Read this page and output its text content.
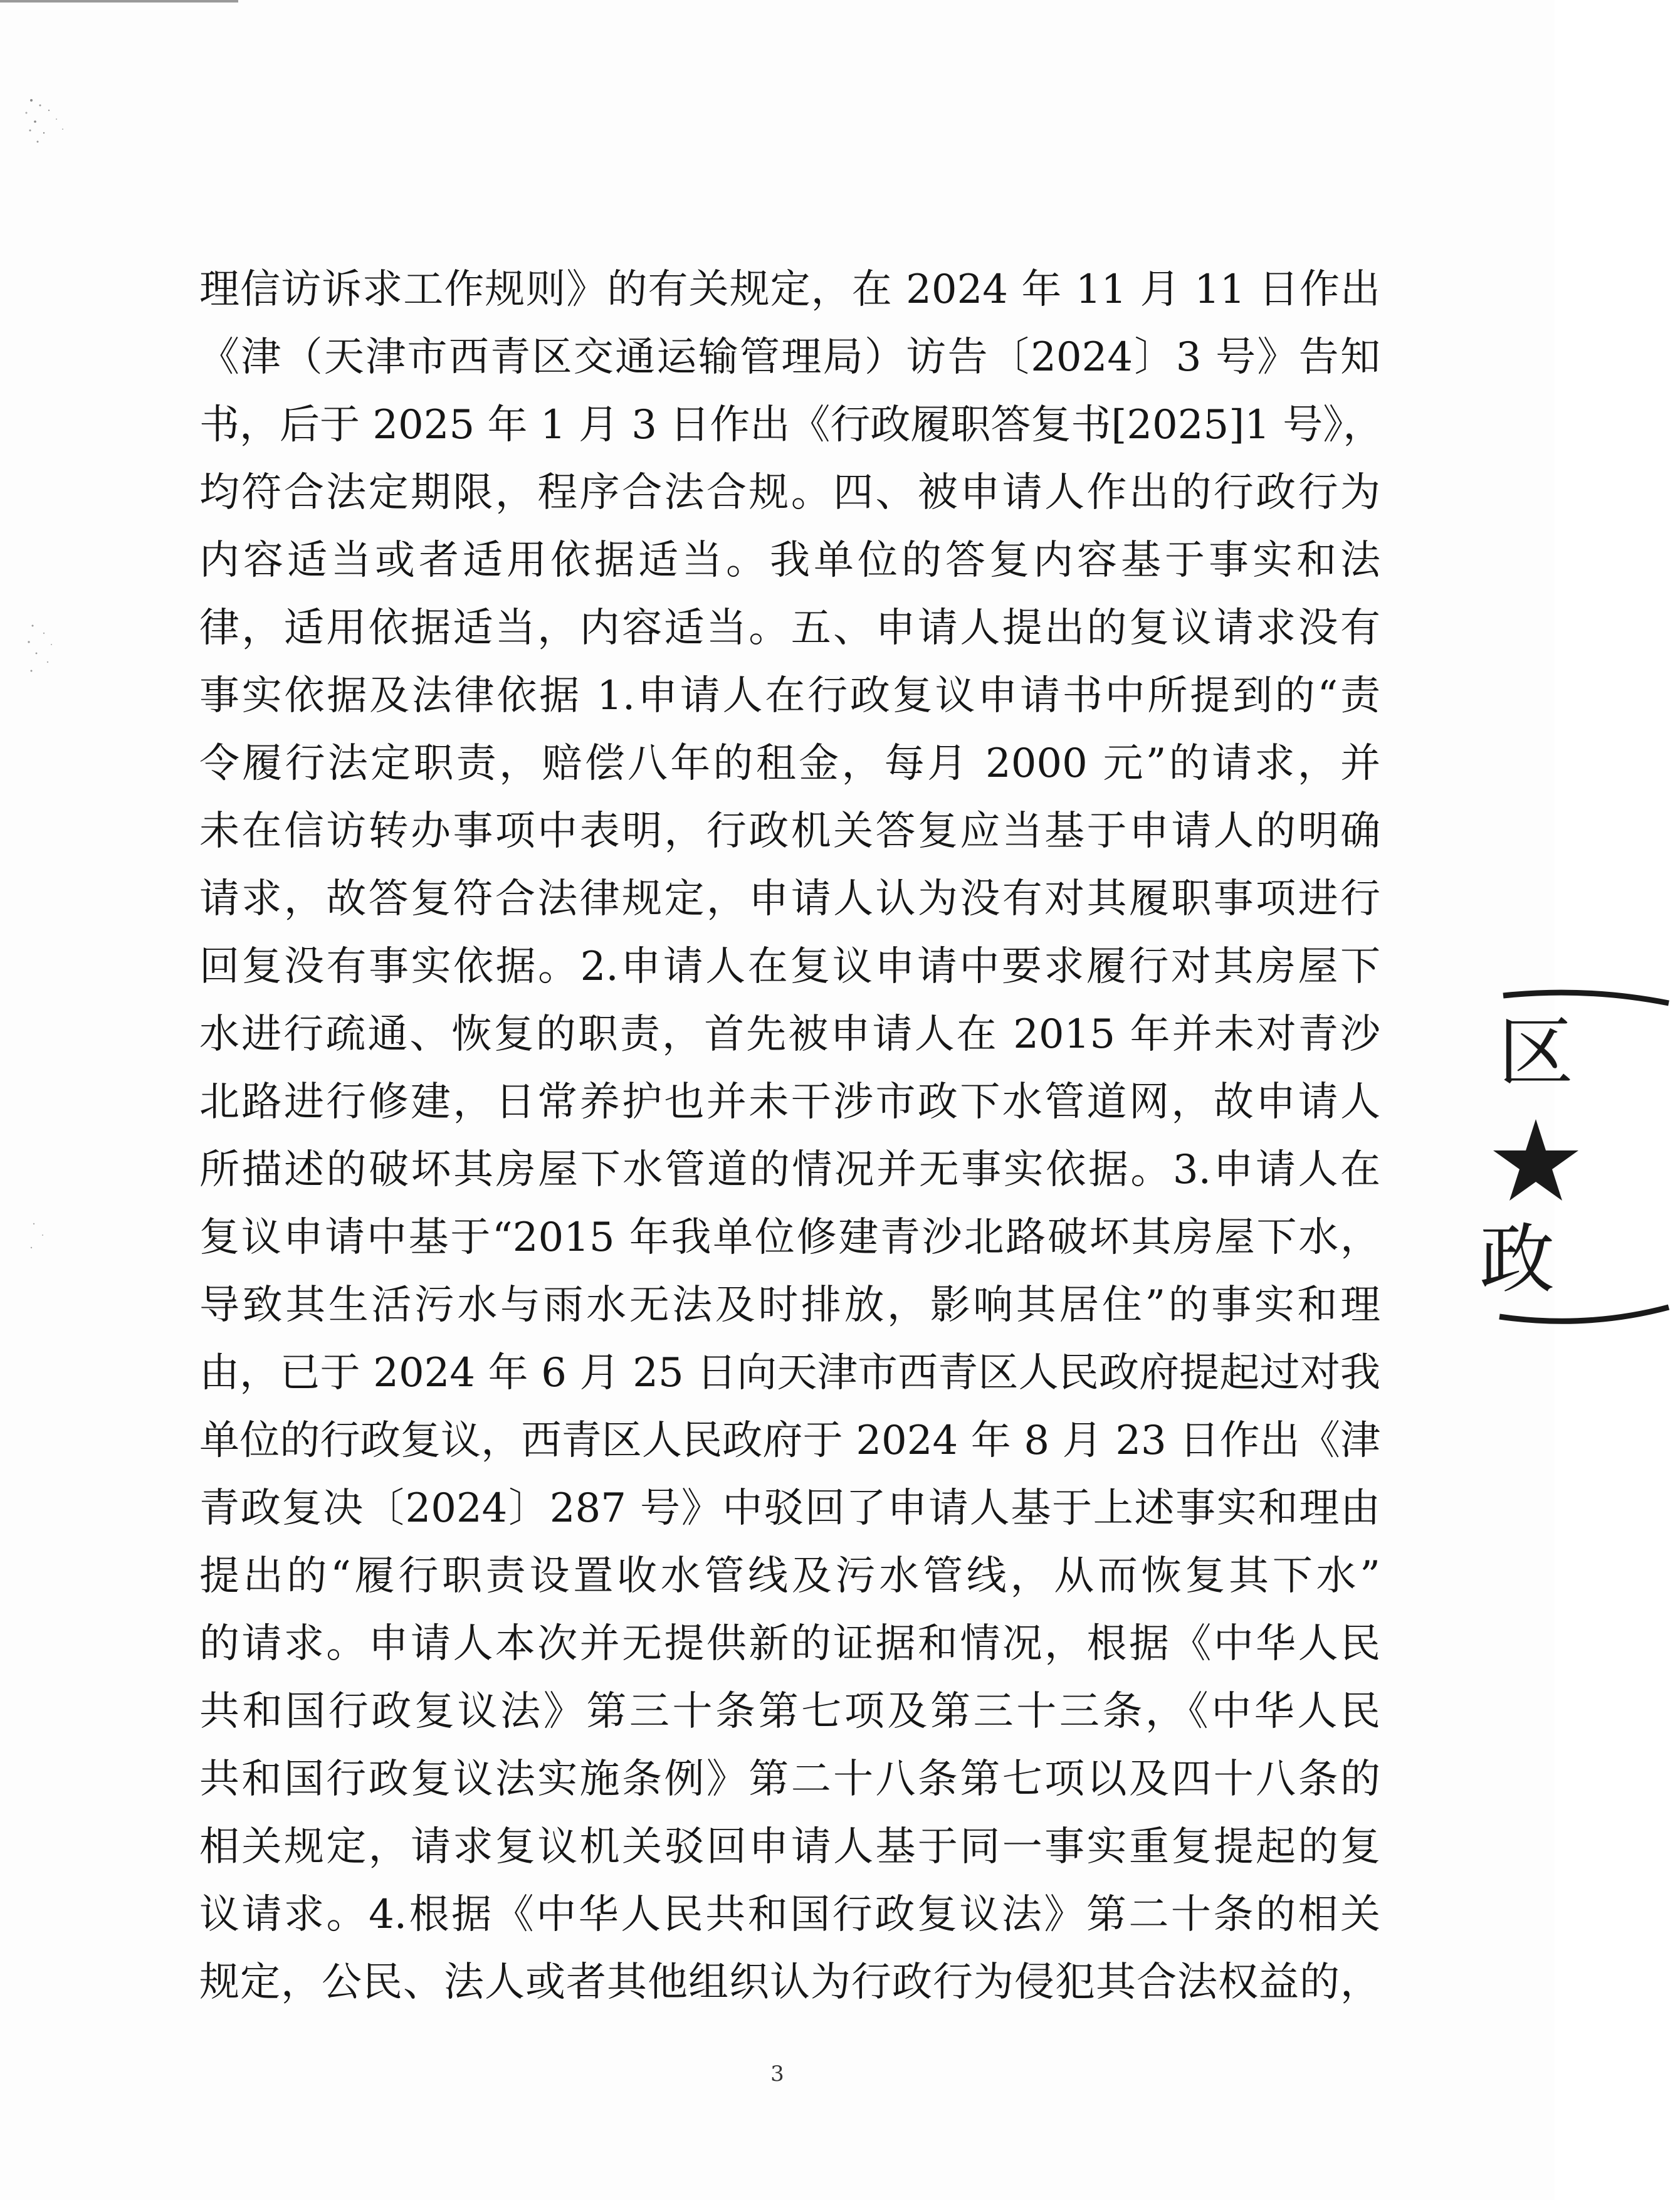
理信访诉求工作规则》的有关规定，在 2024 年 11 月 11 日作出
《津（天津市西青区交通运输管理局）访告〔2024〕3 号》告知
书，后于 2025 年 1 月 3 日作出《行政履职答复书[2025]1 号》，
均符合法定期限，程序合法合规。四、被申请人作出的行政行为
内容适当或者适用依据适当。我单位的答复内容基于事实和法
律，适用依据适当，内容适当。五、申请人提出的复议请求没有
事实依据及法律依据 1.申请人在行政复议申请书中所提到的“责
令履行法定职责，赔偿八年的租金，每月 2000 元”的请求，并
未在信访转办事项中表明，行政机关答复应当基于申请人的明确
请求，故答复符合法律规定，申请人认为没有对其履职事项进行
回复没有事实依据。2.申请人在复议申请中要求履行对其房屋下
水进行疏通、恢复的职责，首先被申请人在 2015 年并未对青沙
北路进行修建，日常养护也并未干涉市政下水管道网，故申请人
所描述的破坏其房屋下水管道的情况并无事实依据。3.申请人在
复议申请中基于“2015 年我单位修建青沙北路破坏其房屋下水，
导致其生活污水与雨水无法及时排放，影响其居住”的事实和理
由，已于 2024 年 6 月 25 日向天津市西青区人民政府提起过对我
单位的行政复议，西青区人民政府于 2024 年 8 月 23 日作出《津
青政复决〔2024〕287 号》中驳回了申请人基于上述事实和理由
提出的“履行职责设置收水管线及污水管线，从而恢复其下水”
的请求。申请人本次并无提供新的证据和情况，根据《中华人民
共和国行政复议法》第三十条第七项及第三十三条，《中华人民
共和国行政复议法实施条例》第二十八条第七项以及四十八条的
相关规定，请求复议机关驳回申请人基于同一事实重复提起的复
议请求。4.根据《中华人民共和国行政复议法》第二十条的相关
规定，公民、法人或者其他组织认为行政行为侵犯其合法权益的，
区
政
3
